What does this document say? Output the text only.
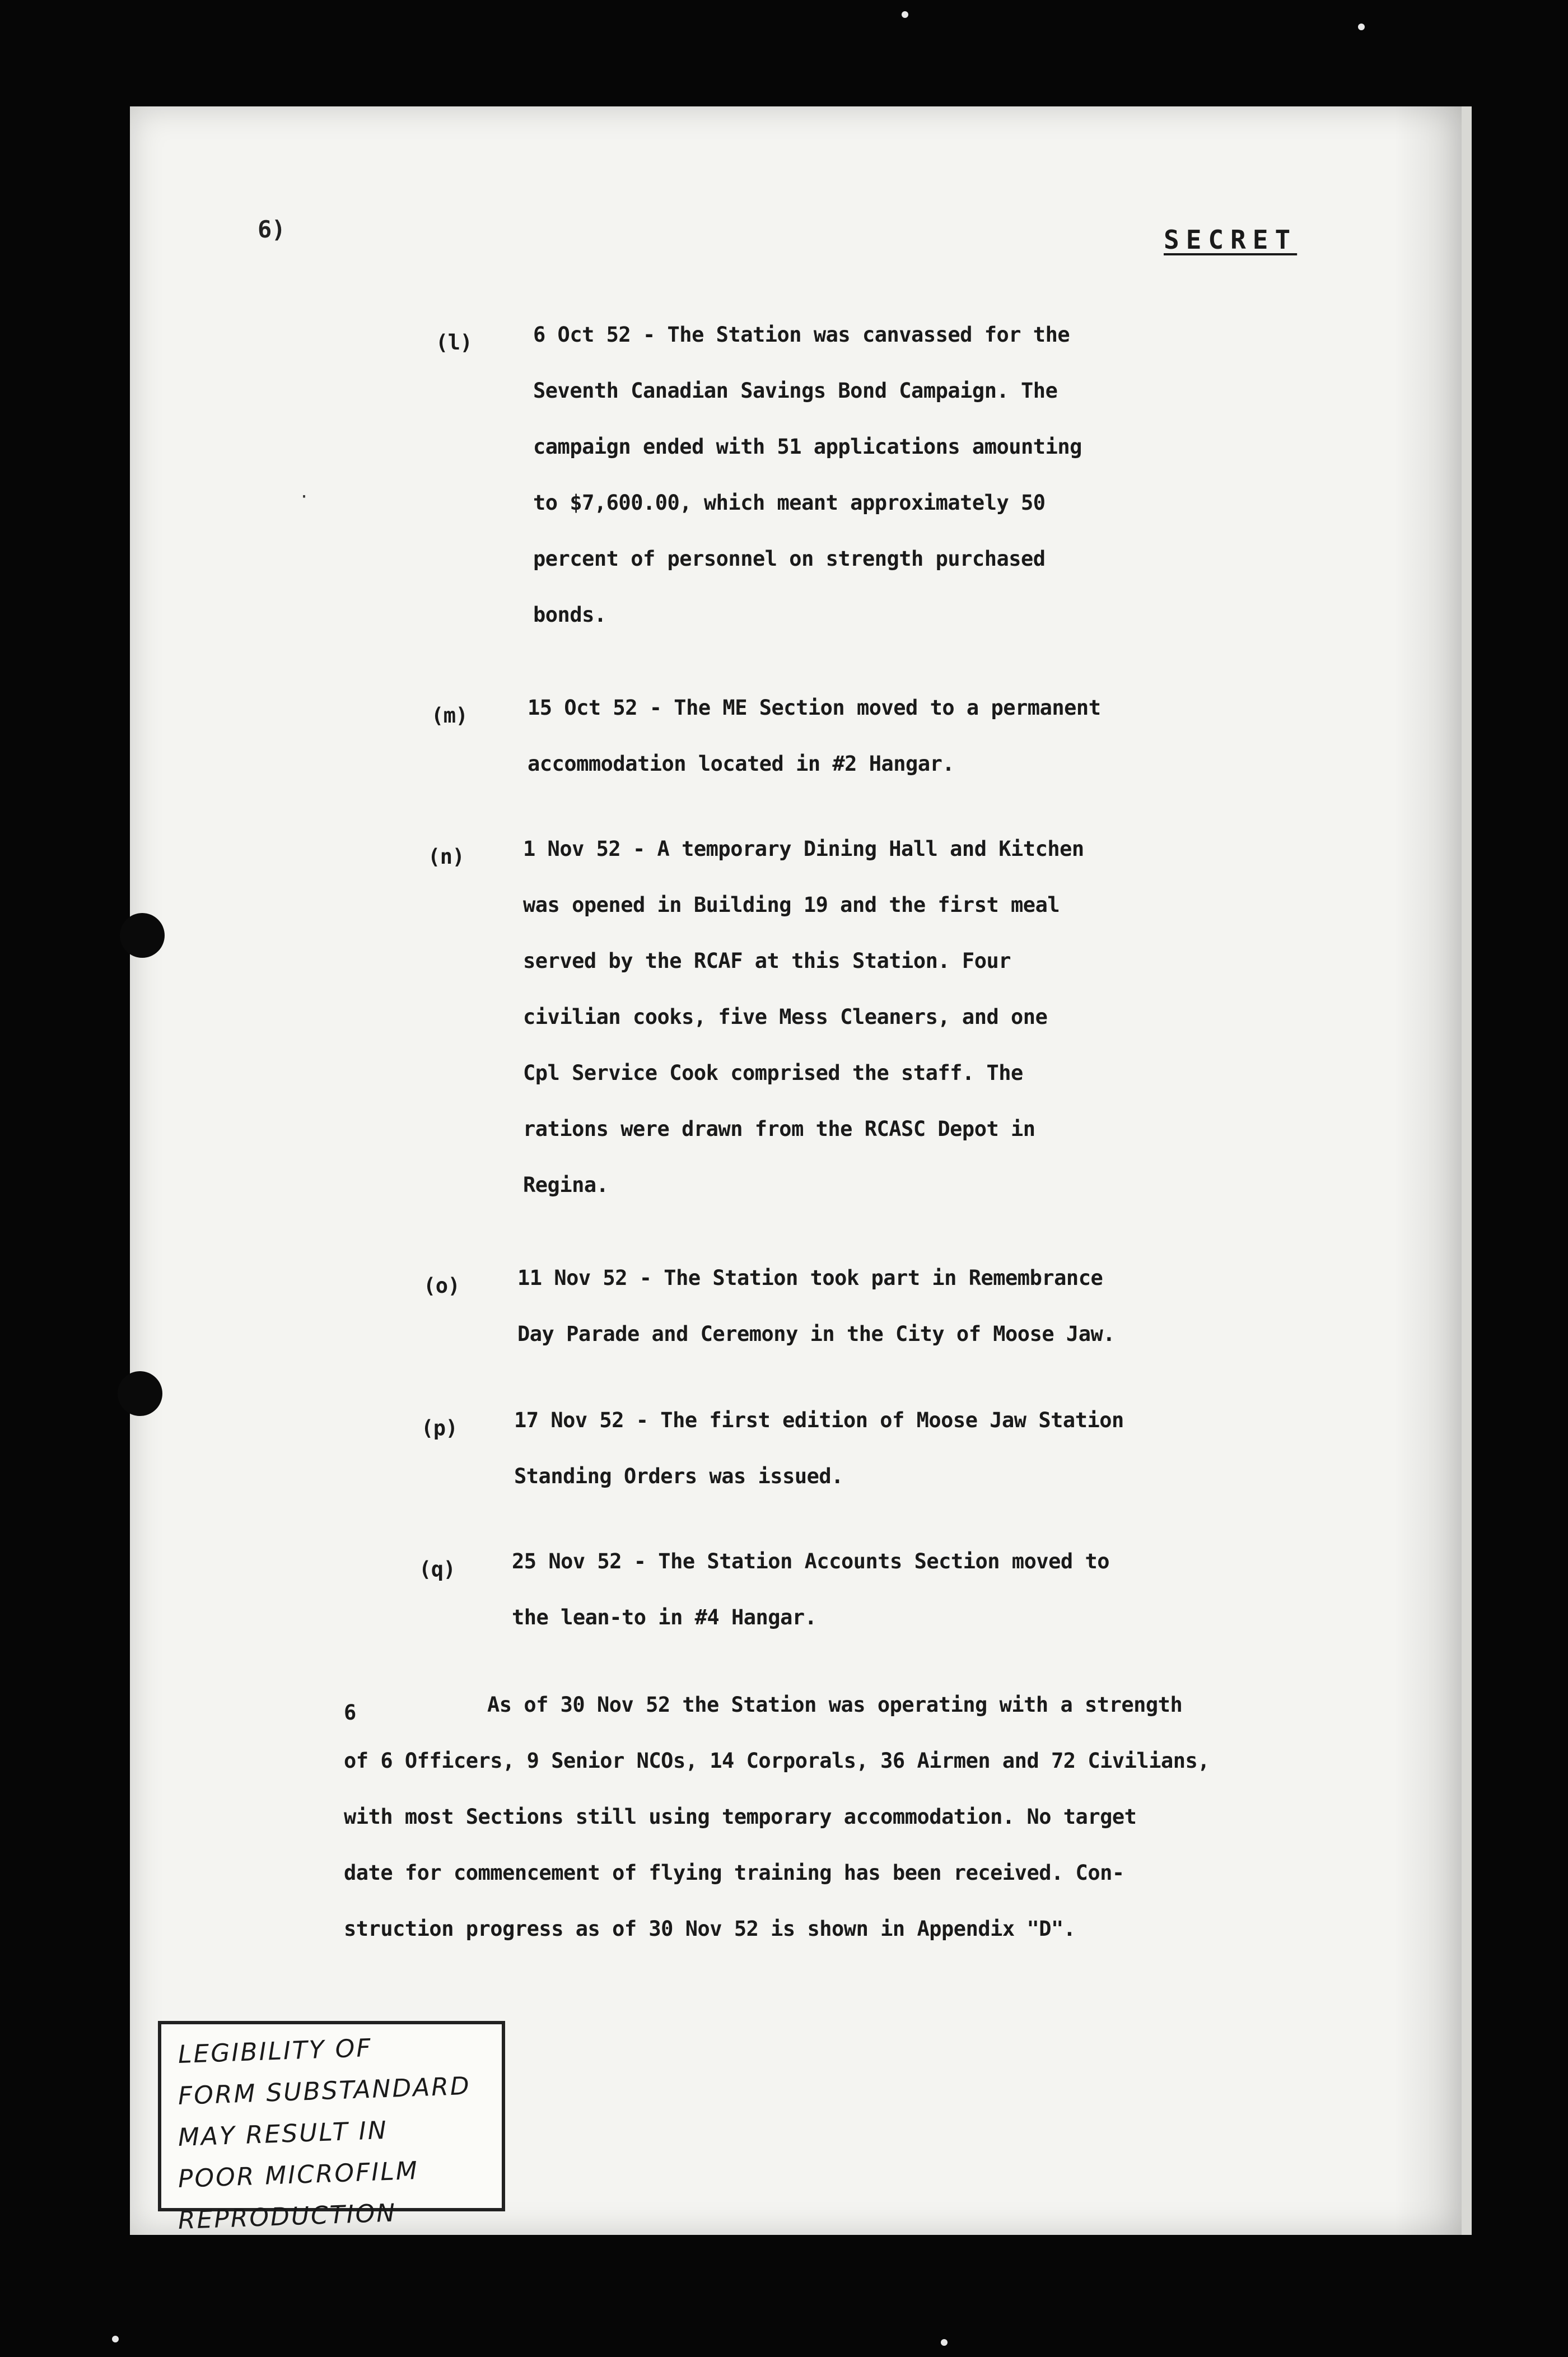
6)	SECRET
·
(l)	6 Oct 52 - The Station was canvassed for the
Seventh Canadian Savings Bond Campaign. The
campaign ended with 51 applications amounting
to $7,600.00, which meant approximately 50
percent of personnel on strength purchased
bonds.
(m)	15 Oct 52 - The ME Section moved to a permanent
accommodation located in #2 Hangar.
(n)	1 Nov 52 - A temporary Dining Hall and Kitchen
was opened in Building 19 and the first meal
served by the RCAF at this Station. Four
civilian cooks, five Mess Cleaners, and one
Cpl Service Cook comprised the staff. The
rations were drawn from the RCASC Depot in
Regina.
(o)	11 Nov 52 - The Station took part in Remembrance
Day Parade and Ceremony in the City of Moose Jaw.
(p)	17 Nov 52 - The first edition of Moose Jaw Station
Standing Orders was issued.
(q)	25 Nov 52 - The Station Accounts Section moved to
the lean-to in #4 Hangar.
6	As of 30 Nov 52 the Station was operating with a strength
of 6 Officers, 9 Senior NCOs, 14 Corporals, 36 Airmen and 72 Civilians,
with most Sections still using temporary accommodation. No target
date for commencement of flying training has been received. Con-
struction progress as of 30 Nov 52 is shown in Appendix "D".
LEGIBILITY OF
FORM SUBSTANDARD
MAY RESULT IN
POOR MICROFILM
REPRODUCTION
